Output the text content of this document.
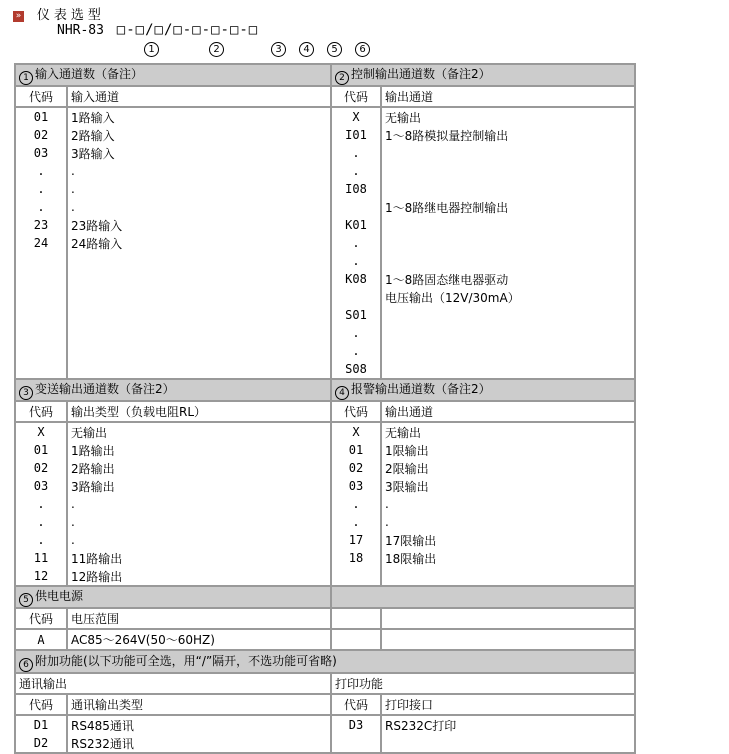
» 仪表选型
NHR-83 □-□/□/□-□-□-□-□
1	2	3	4	5	6
1 输入通道数（备注）		2 控制输出通道数（备注2）	
代码	输入通道	代码	输出通道
01	1路输入	X	无输出
02	2路输入	I01	1～8路模拟量控制输出
03	3路输入	.	
.	.	.	
.	.	I08	
.	.		1～8路继电器控制输出
23	23路输入	K01	
24	24路输入	.	
		.	
		K08	1～8路固态继电器驱动
			电压输出（12V/30mA）
		S01	
		.	
		.	
		S08	
3 变送输出通道数（备注2）		4 报警输出通道数（备注2）	
代码	输出类型（负载电阻RL）	代码	输出通道
X	无输出	X	无输出
01	1路输出	01	1限输出
02	2路输出	02	2限输出
03	3路输出	03	3限输出
.	.	.	.
.	.	.	.
.	.	17	17限输出
11	11路输出	18	18限输出
12	12路输出		
5 供电电源			
代码	电压范围		
A	AC85～264V(50～60HZ)		
6 附加功能(以下功能可全选，用“/”隔开，不选功能可省略)			
通讯输出		打印功能	
代码	通讯输出类型	代码	打印接口
D1	RS485通讯	D3	RS232C打印
D2	RS232通讯		
